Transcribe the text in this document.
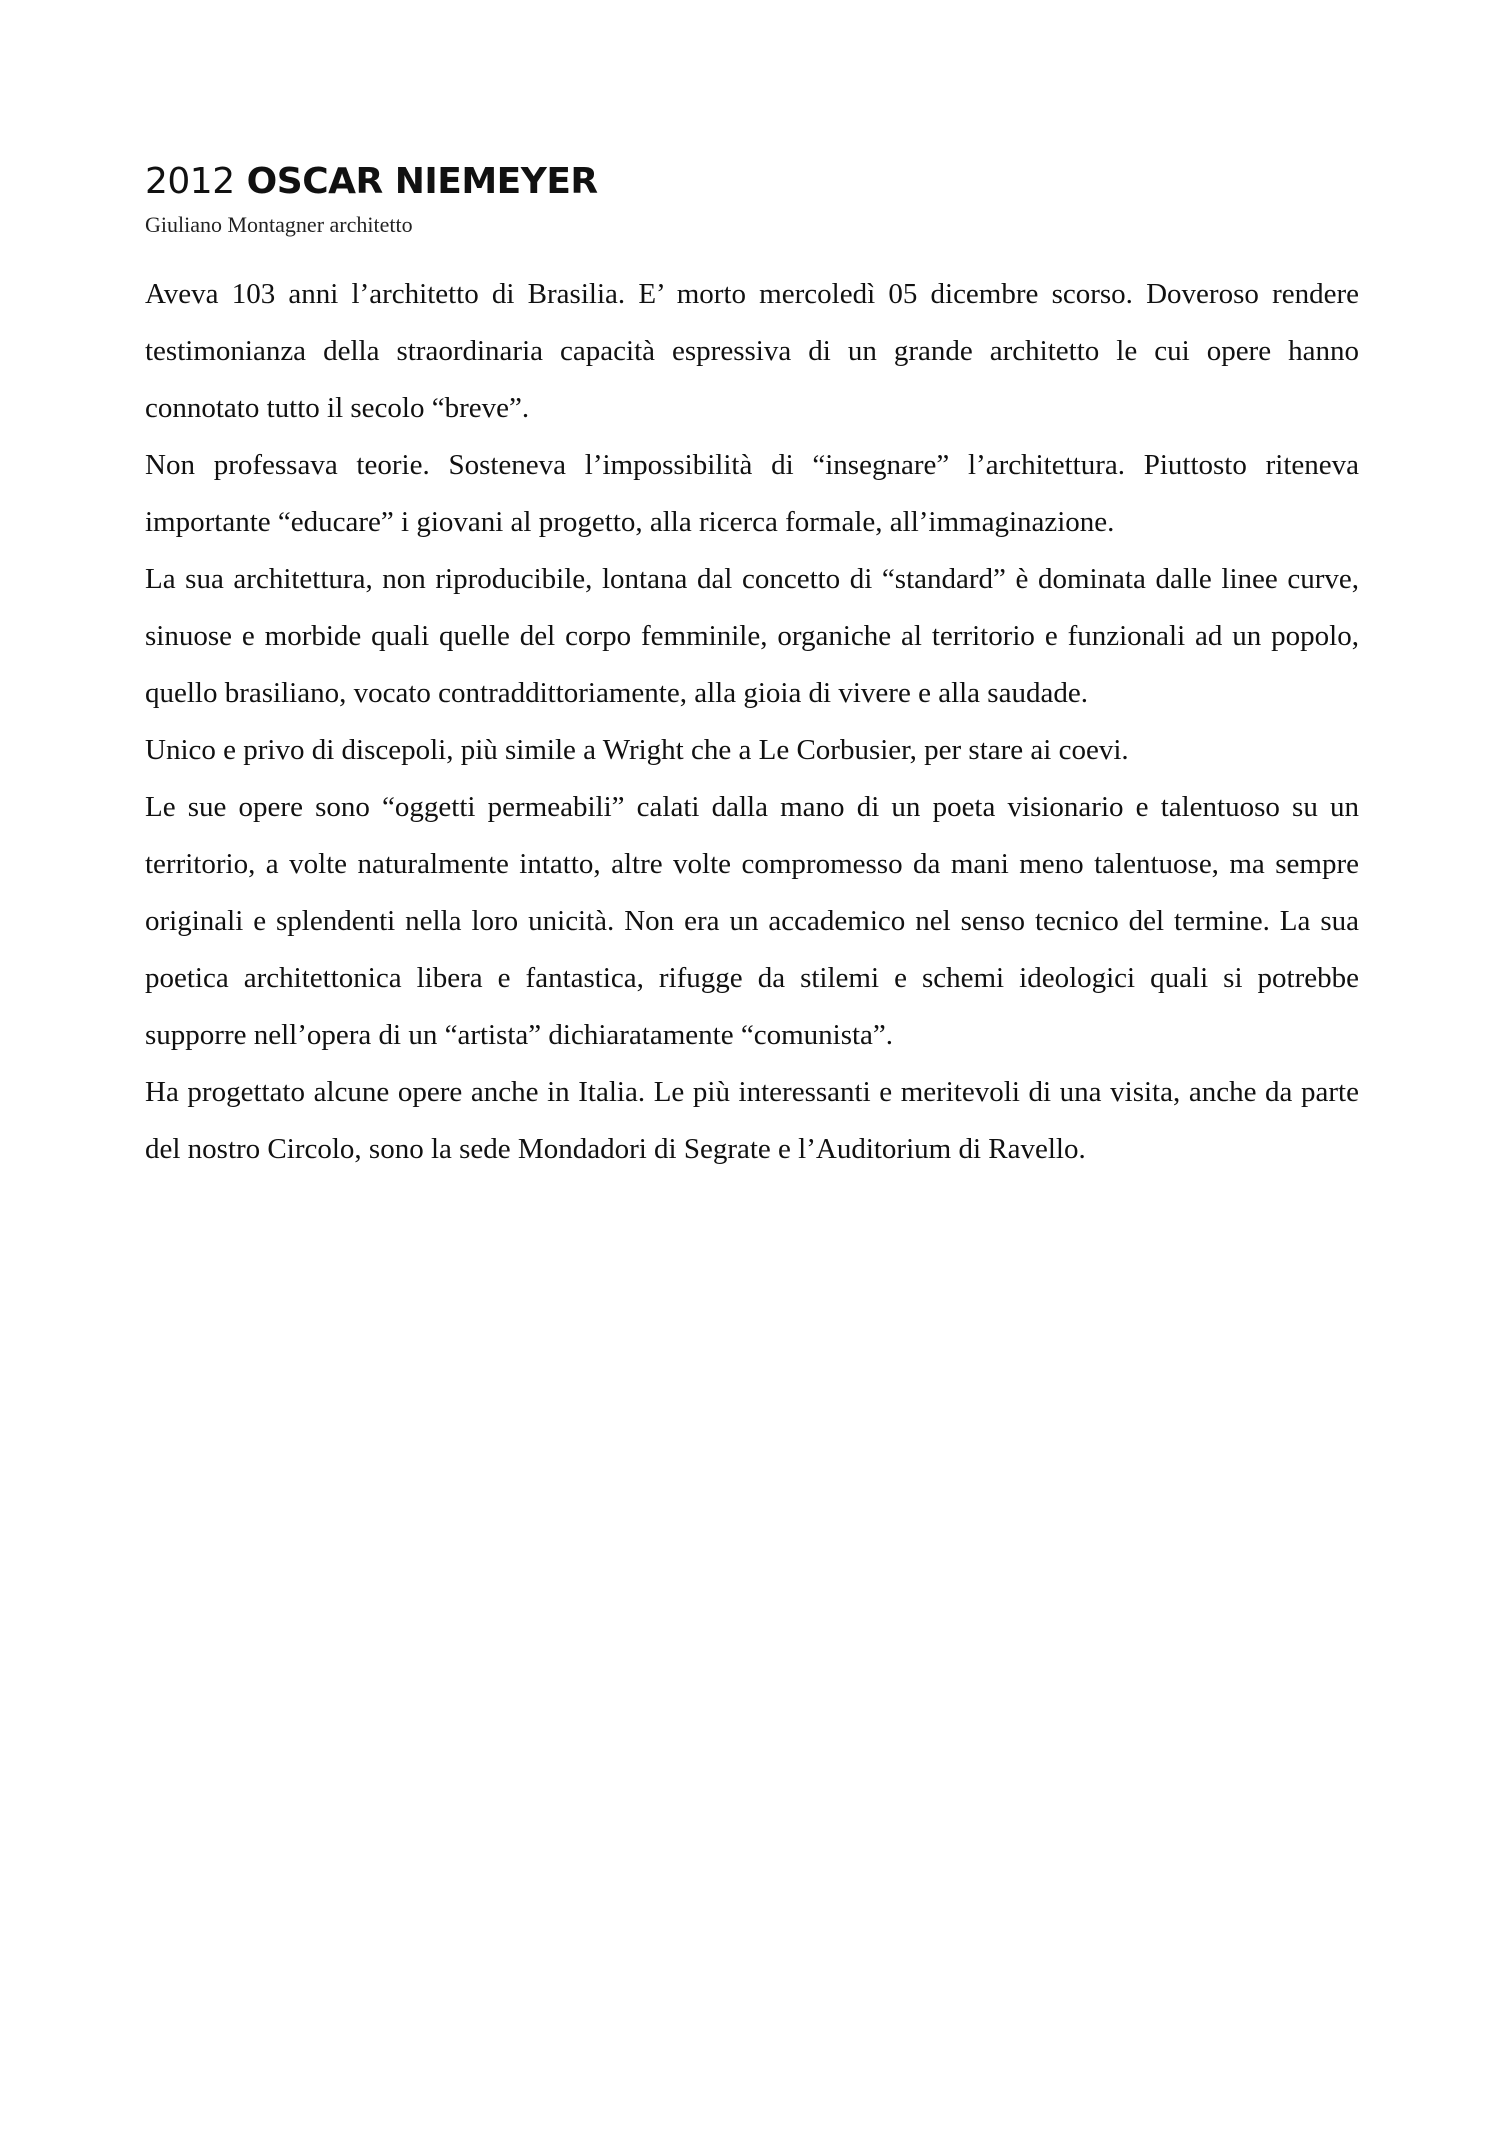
2012 OSCAR NIEMEYER

Giuliano Montagner architetto

Aveva 103 anni l’architetto di Brasilia. E’ morto mercoledì 05 dicembre scorso. Doveroso rendere testimonianza della straordinaria capacità espressiva di un grande architetto le cui opere hanno connotato tutto il secolo “breve”.

Non professava teorie. Sosteneva l’impossibilità di “insegnare” l’architettura. Piuttosto riteneva importante “educare” i giovani al progetto, alla ricerca formale, all’immaginazione.

La sua architettura, non riproducibile, lontana dal concetto di “standard” è dominata dalle linee curve, sinuose e morbide quali quelle del corpo femminile, organiche al territorio e funzionali ad un popolo, quello brasiliano, vocato contraddittoriamente, alla gioia di vivere e alla saudade.

Unico e privo di discepoli, più simile a Wright che a Le Corbusier, per stare ai coevi.

Le sue opere sono “oggetti permeabili” calati dalla mano di un poeta visionario e talentuoso su un territorio, a volte naturalmente intatto, altre volte compromesso da mani meno talentuose, ma sempre originali e splendenti nella loro unicità. Non era un accademico nel senso tecnico del termine. La sua poetica architettonica libera e fantastica, rifugge da stilemi e schemi ideologici quali si potrebbe supporre nell’opera di un “artista” dichiaratamente “comunista”.

Ha progettato alcune opere anche in Italia. Le più interessanti e meritevoli di una visita, anche da parte del nostro Circolo, sono la sede Mondadori di Segrate e l’Auditorium di Ravello.
